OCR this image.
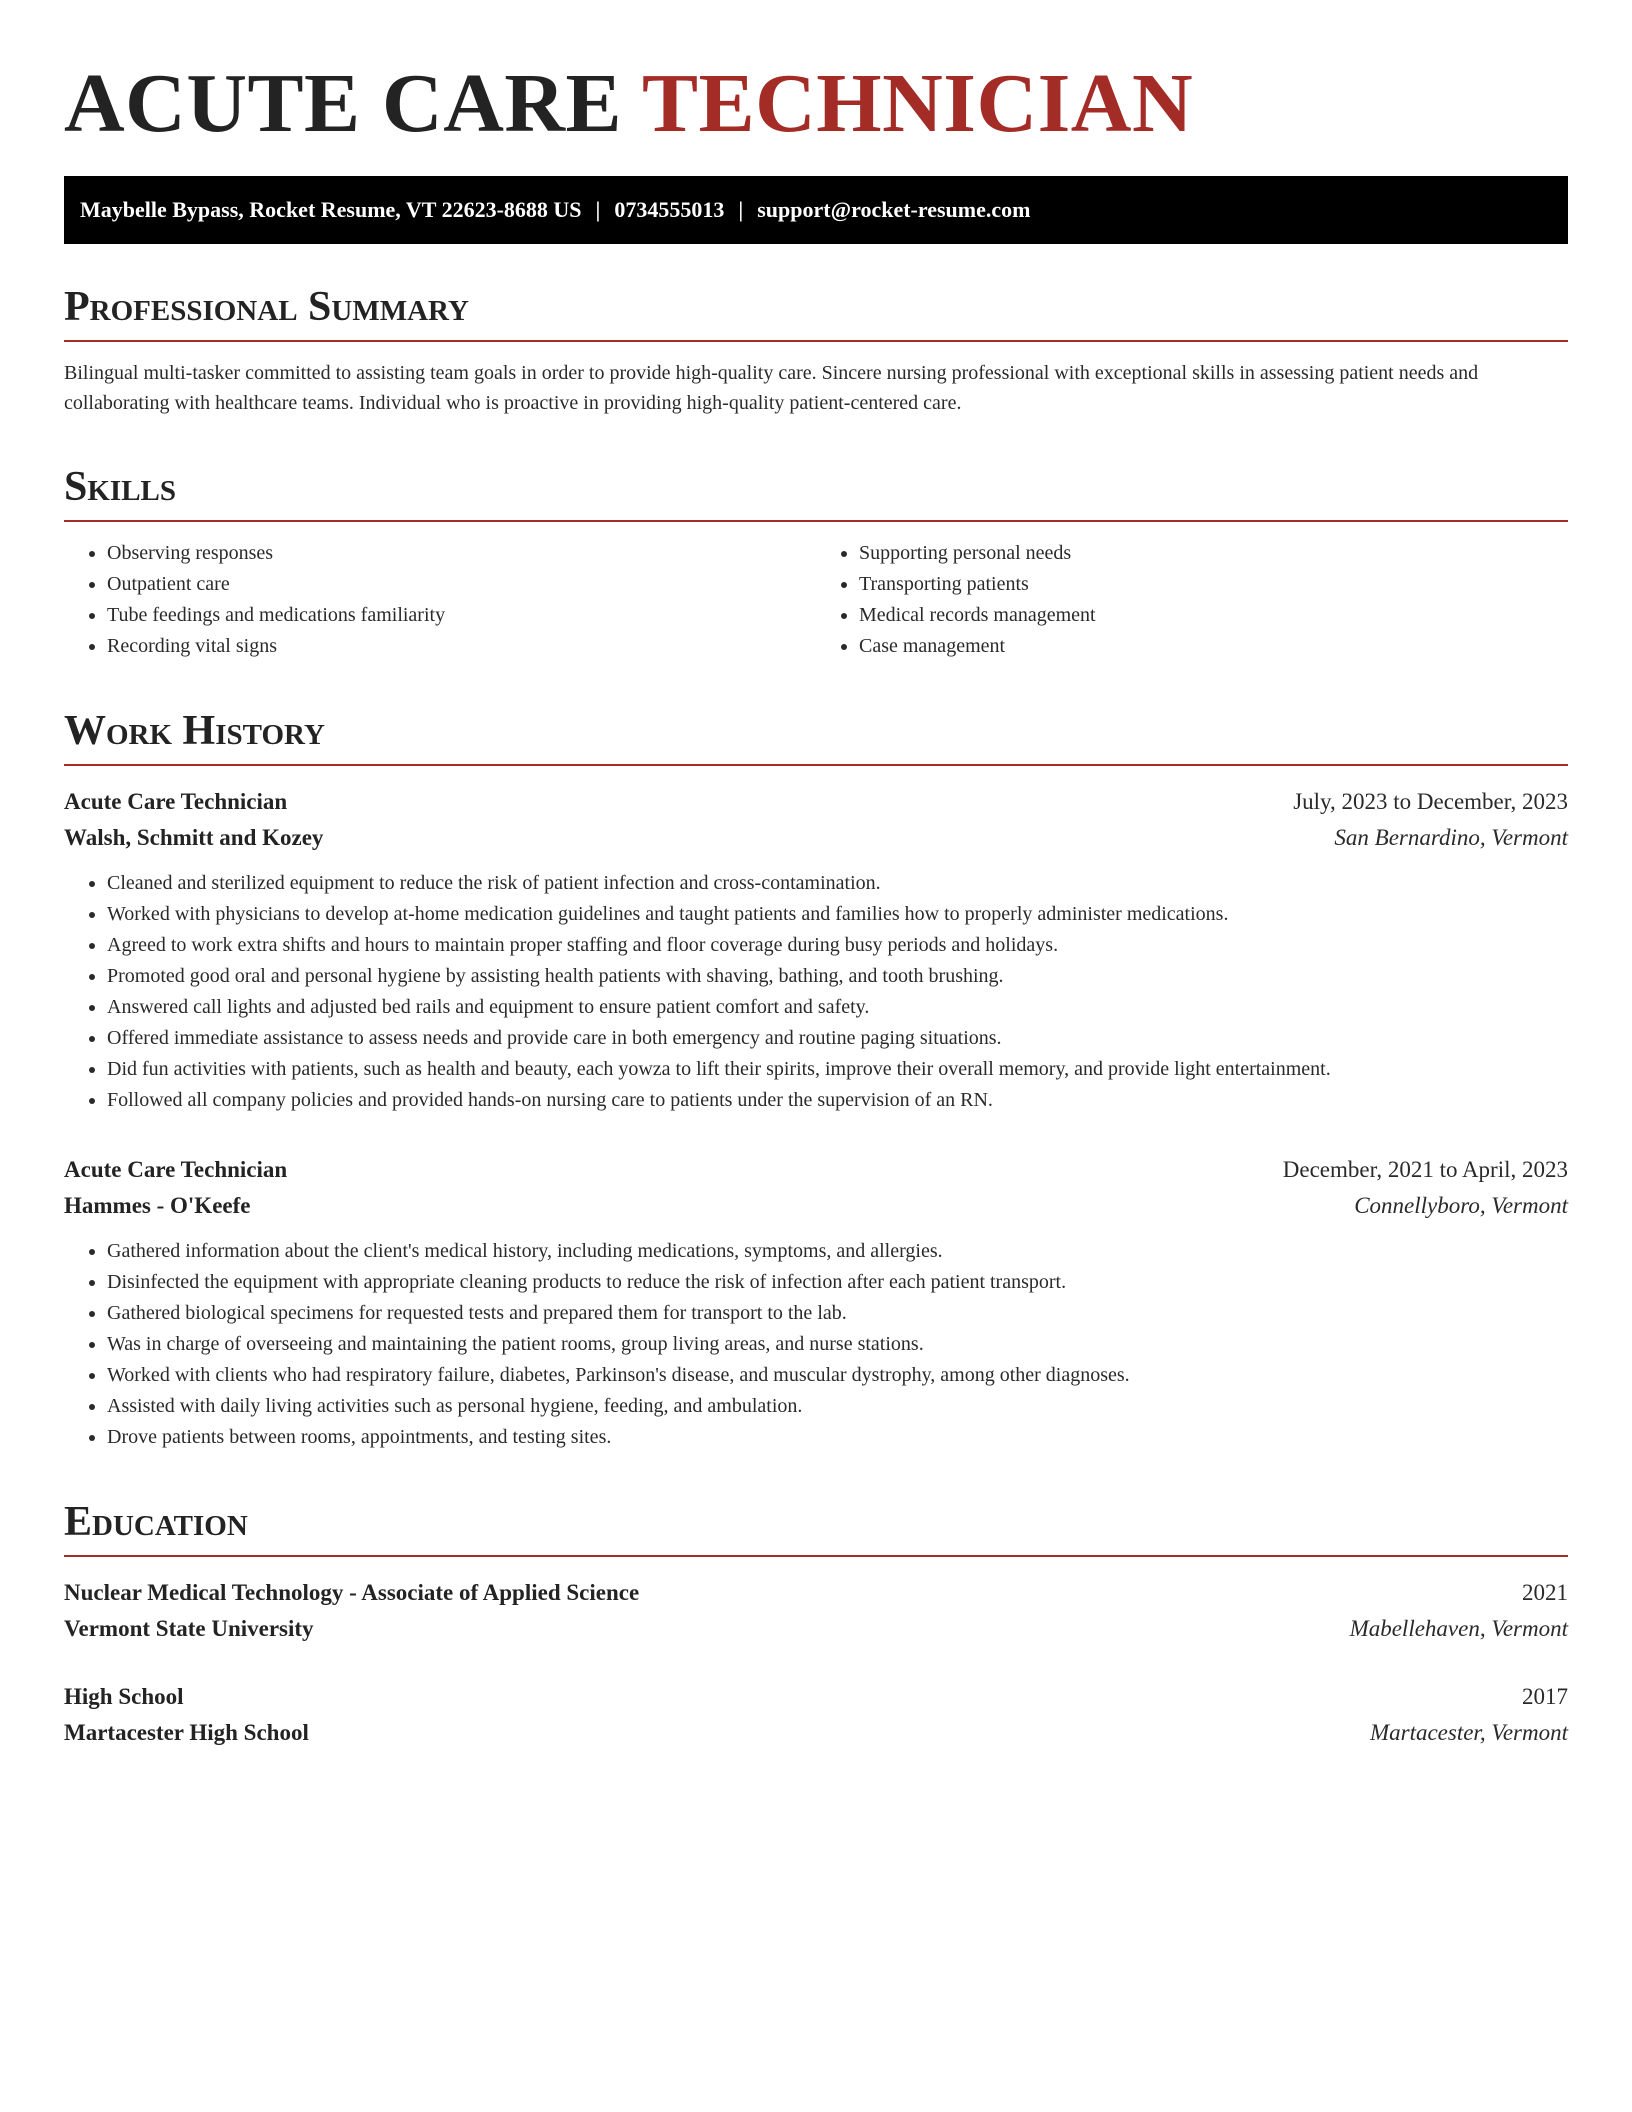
ACUTE CARE TECHNICIAN
Maybelle Bypass, Rocket Resume, VT 22623-8688 US | 0734555013 | support@rocket-resume.com
Professional Summary

Bilingual multi-tasker committed to assisting team goals in order to provide high-quality care. Sincere nursing professional with exceptional skills in assessing patient needs and collaborating with healthcare teams. Individual who is proactive in providing high-quality patient-centered care.

Skills
• Observing responses
• Outpatient care
• Tube feedings and medications familiarity
• Recording vital signs
• Supporting personal needs
• Transporting patients
• Medical records management
• Case management
Work History
Acute Care Technician	July, 2023 to December, 2023
Walsh, Schmitt and Kozey	San Bernardino, Vermont
• Cleaned and sterilized equipment to reduce the risk of patient infection and cross-contamination.
• Worked with physicians to develop at-home medication guidelines and taught patients and families how to properly administer medications.
• Agreed to work extra shifts and hours to maintain proper staffing and floor coverage during busy periods and holidays.
• Promoted good oral and personal hygiene by assisting health patients with shaving, bathing, and tooth brushing.
• Answered call lights and adjusted bed rails and equipment to ensure patient comfort and safety.
• Offered immediate assistance to assess needs and provide care in both emergency and routine paging situations.
• Did fun activities with patients, such as health and beauty, each yowza to lift their spirits, improve their overall memory, and provide light entertainment.
• Followed all company policies and provided hands-on nursing care to patients under the supervision of an RN.
Acute Care Technician	December, 2021 to April, 2023
Hammes - O'Keefe	Connellyboro, Vermont
• Gathered information about the client's medical history, including medications, symptoms, and allergies.
• Disinfected the equipment with appropriate cleaning products to reduce the risk of infection after each patient transport.
• Gathered biological specimens for requested tests and prepared them for transport to the lab.
• Was in charge of overseeing and maintaining the patient rooms, group living areas, and nurse stations.
• Worked with clients who had respiratory failure, diabetes, Parkinson's disease, and muscular dystrophy, among other diagnoses.
• Assisted with daily living activities such as personal hygiene, feeding, and ambulation.
• Drove patients between rooms, appointments, and testing sites.
Education
Nuclear Medical Technology - Associate of Applied Science	2021
Vermont State University	Mabellehaven, Vermont
High School	2017
Martacester High School	Martacester, Vermont
